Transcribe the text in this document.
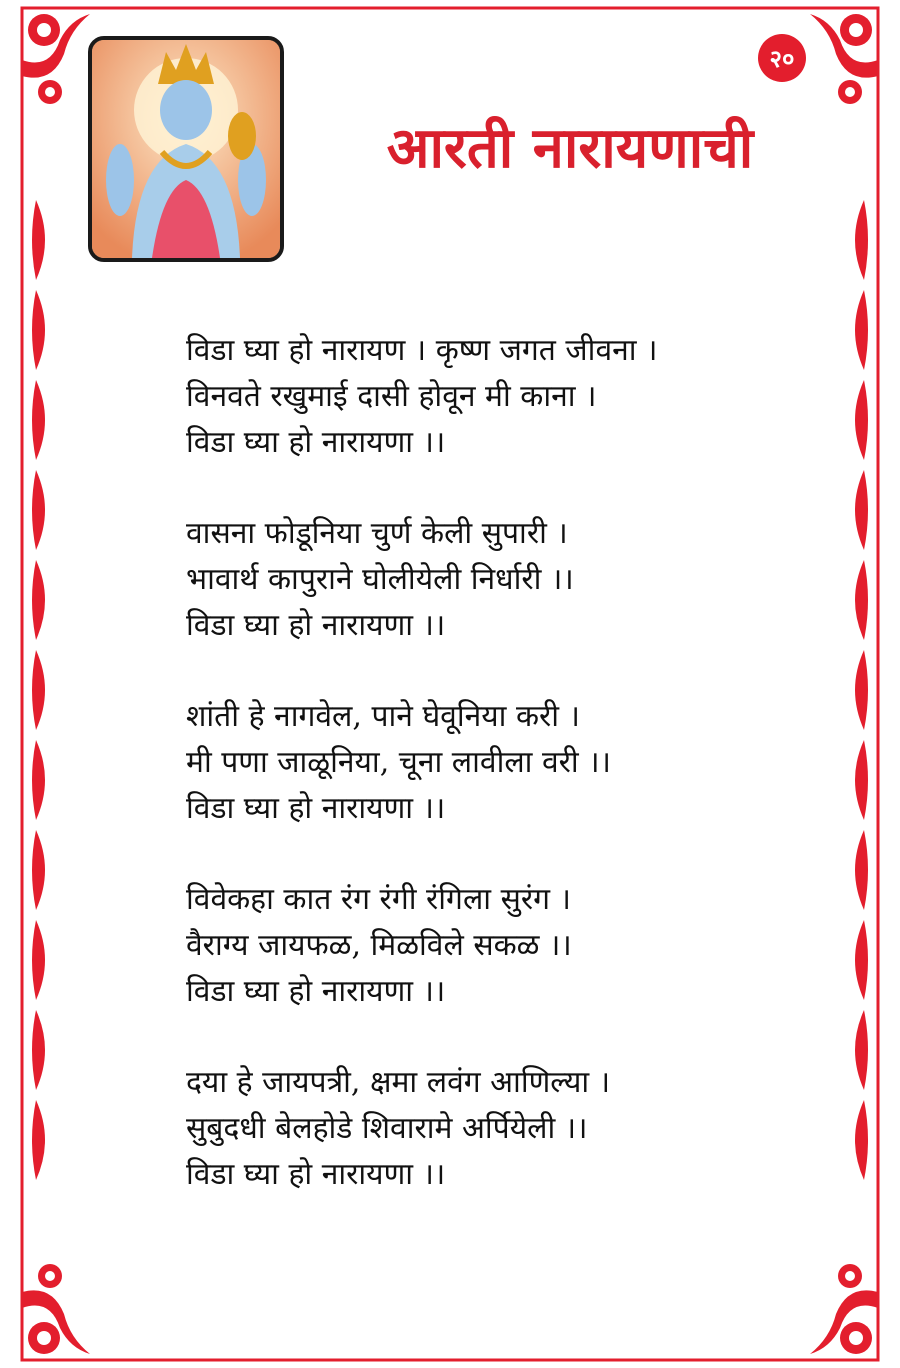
२०
आरती नारायणाची
विडा घ्या हो नारायण । कृष्ण जगत जीवना ।
विनवते रखुमाई दासी होवून मी काना ।
विडा घ्या हो नारायणा ।।
वासना फोडूनिया चुर्ण केली सुपारी ।
भावार्थ कापुराने घोलीयेली निर्धारी ।।
विडा घ्या हो नारायणा ।।
शांती हे नागवेल, पाने घेवूनिया करी ।
मी पणा जाळूनिया, चूना लावीला वरी ।।
विडा घ्या हो नारायणा ।।
विवेकहा कात रंग रंगी रंगिला सुरंग ।
वैराग्य जायफळ, मिळविले सकळ ।।
विडा घ्या हो नारायणा ।।
दया हे जायपत्री, क्षमा लवंग आणिल्या ।
सुबुदधी बेलहोडे शिवारामे अर्पियेली ।।
विडा घ्या हो नारायणा ।।
